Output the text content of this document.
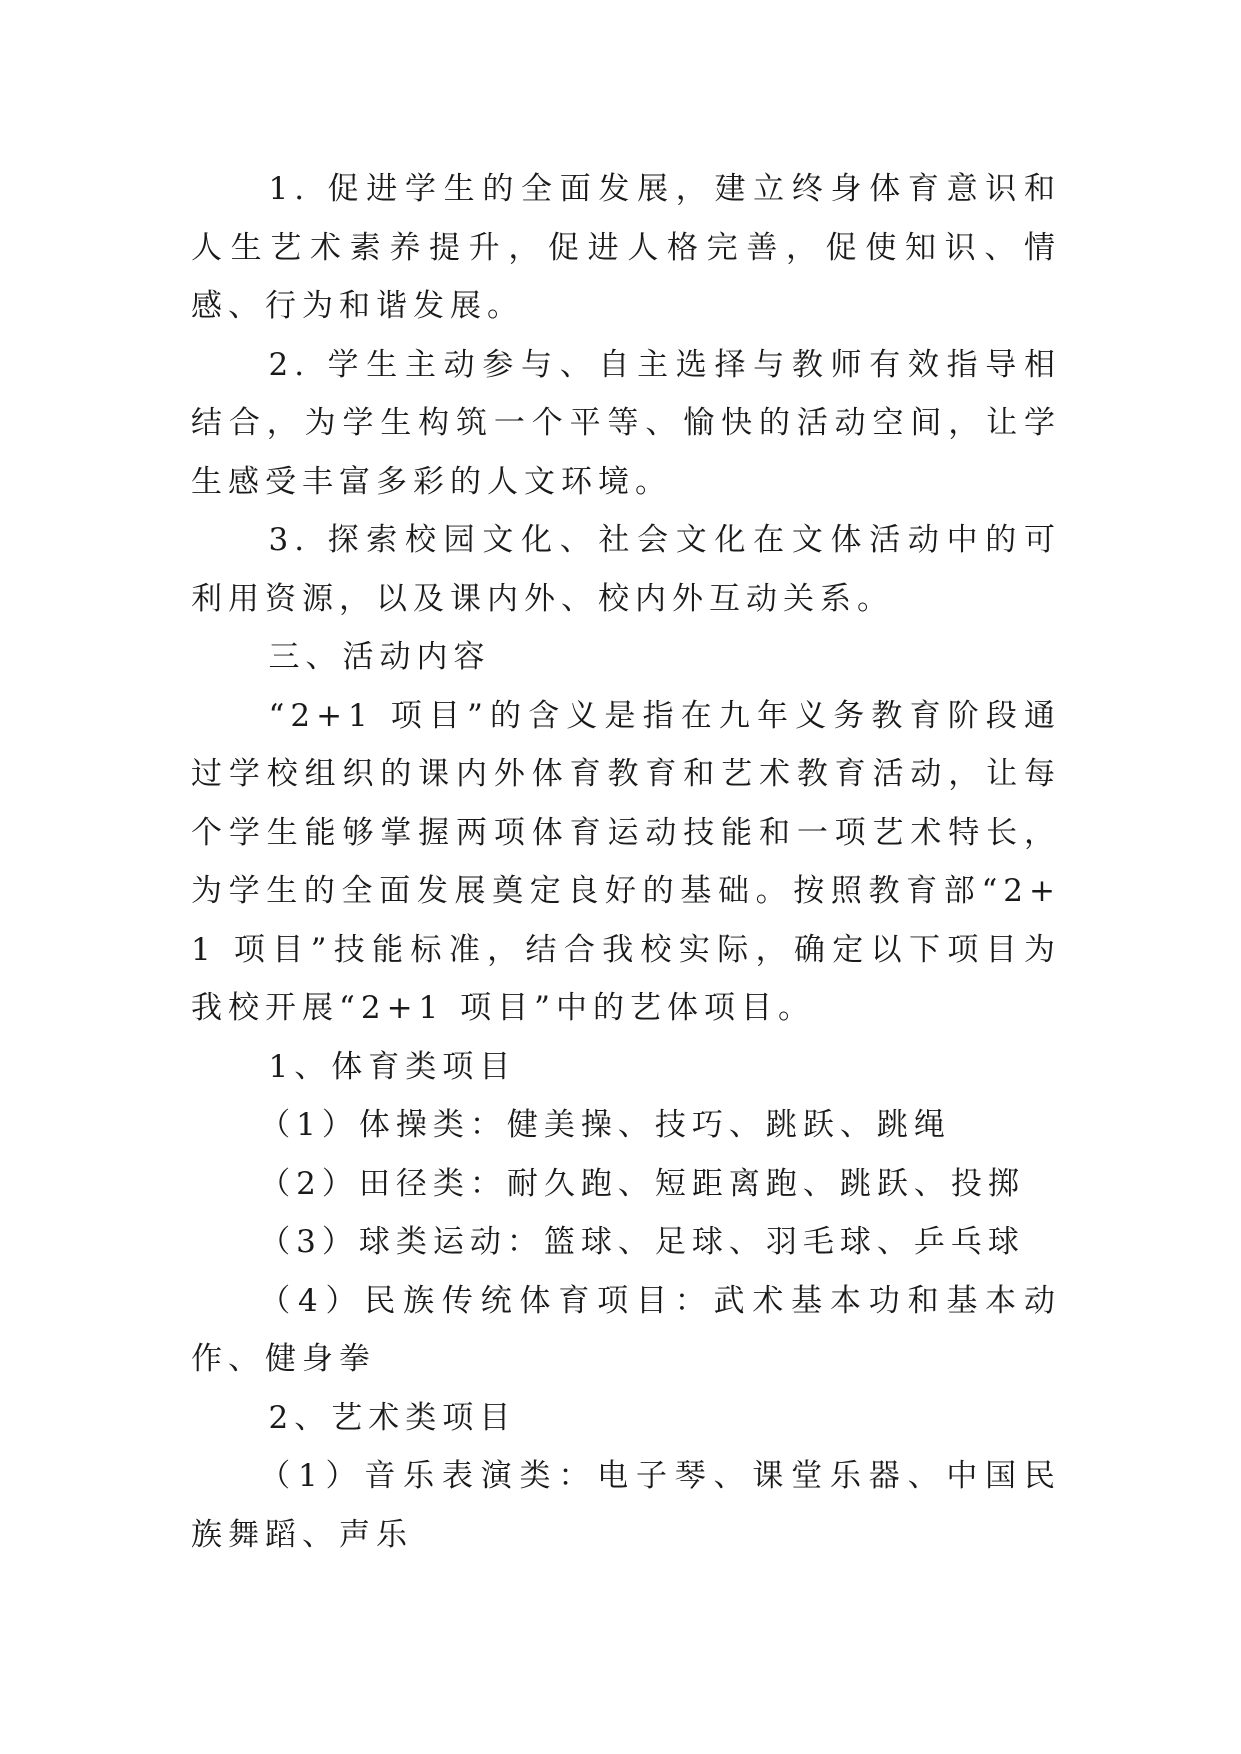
1. 促进学生的全面发展，建立终身体育意识和人生艺术素养提升，促进人格完善，促使知识、情感、行为和谐发展。

2. 学生主动参与、自主选择与教师有效指导相结合，为学生构筑一个平等、愉快的活动空间，让学生感受丰富多彩的人文环境。

3. 探索校园文化、社会文化在文体活动中的可利用资源，以及课内外、校内外互动关系。

三、活动内容

“2+1 项目”的含义是指在九年义务教育阶段通过学校组织的课内外体育教育和艺术教育活动，让每个学生能够掌握两项体育运动技能和一项艺术特长，为学生的全面发展奠定良好的基础。按照教育部“2+1 项目”技能标准，结合我校实际，确定以下项目为我校开展“2+1 项目”中的艺体项目。

1、体育类项目

（1）体操类：健美操、技巧、跳跃、跳绳

（2）田径类：耐久跑、短距离跑、跳跃、投掷

（3）球类运动：篮球、足球、羽毛球、乒乓球

（4）民族传统体育项目：武术基本功和基本动作、健身拳

2、艺术类项目

（1）音乐表演类：电子琴、课堂乐器、中国民族舞蹈、声乐
